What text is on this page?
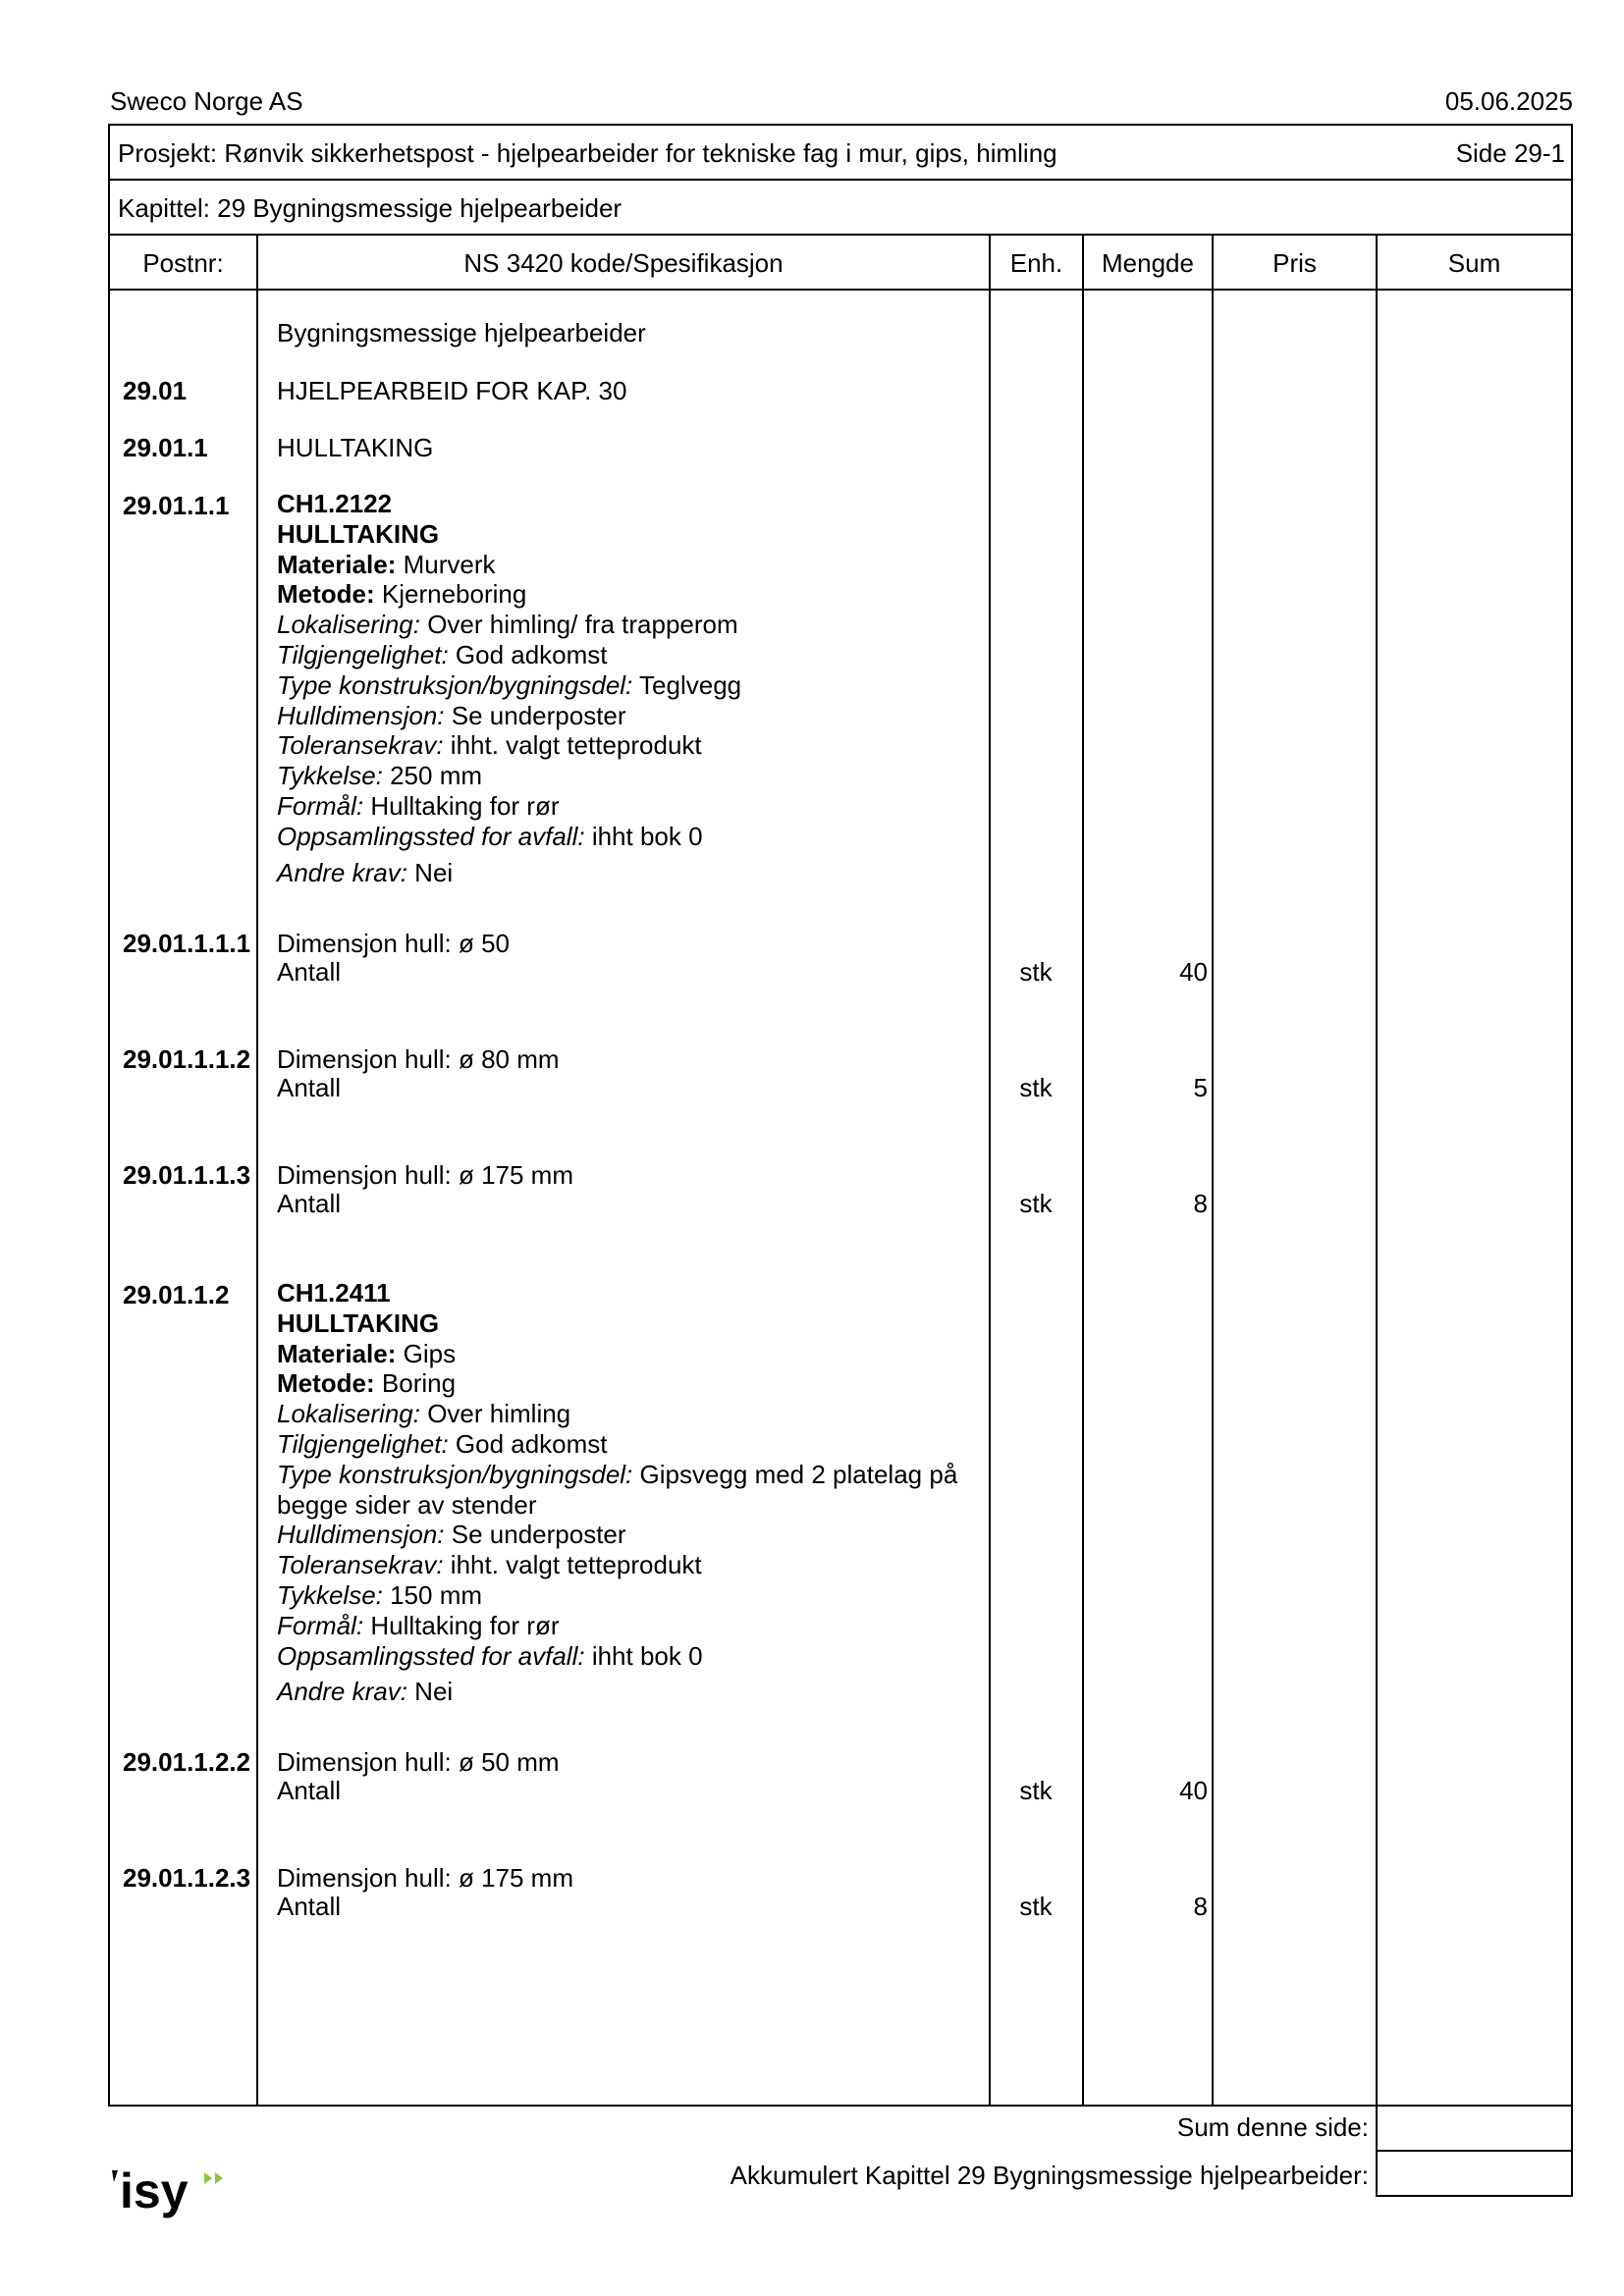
Sweco Norge AS	05.06.2025
Prosjekt: Rønvik sikkerhetspost - hjelpearbeider for tekniske fag i mur, gips, himling	Side 29-1
Kapittel: 29 Bygningsmessige hjelpearbeider
Postnr:	NS 3420 kode/Spesifikasjon	Enh.	Mengde	Pris	Sum
Bygningsmessige hjelpearbeider
29.01	HJELPEARBEID FOR KAP. 30
29.01.1	HULLTAKING
29.01.1.1 CH1.2122
HULLTAKING
Materiale: Murverk
Metode: Kjerneboring
Lokalisering: Over himling/ fra trapperom
Tilgjengelighet: God adkomst
Type konstruksjon/bygningsdel: Teglvegg
Hulldimensjon: Se underposter
Toleransekrav: ihht. valgt tetteprodukt
Tykkelse: 250 mm
Formål: Hulltaking for rør
Oppsamlingssted for avfall: ihht bok 0
Andre krav: Nei
29.01.1.1.1 Dimensjon hull: ø 50
Antall	stk	40
29.01.1.1.2 Dimensjon hull: ø 80 mm
Antall	stk	5
29.01.1.1.3 Dimensjon hull: ø 175 mm
Antall	stk	8
29.01.1.2 CH1.2411
HULLTAKING
Materiale: Gips
Metode: Boring
Lokalisering: Over himling
Tilgjengelighet: God adkomst
Type konstruksjon/bygningsdel: Gipsvegg med 2 platelag på begge sider av stender
Hulldimensjon: Se underposter
Toleransekrav: ihht. valgt tetteprodukt
Tykkelse: 150 mm
Formål: Hulltaking for rør
Oppsamlingssted for avfall: ihht bok 0
Andre krav: Nei
29.01.1.2.2 Dimensjon hull: ø 50 mm
Antall	stk	40
29.01.1.2.3 Dimensjon hull: ø 175 mm
Antall	stk	8
Sum denne side:
Akkumulert Kapittel 29 Bygningsmessige hjelpearbeider:
isy
